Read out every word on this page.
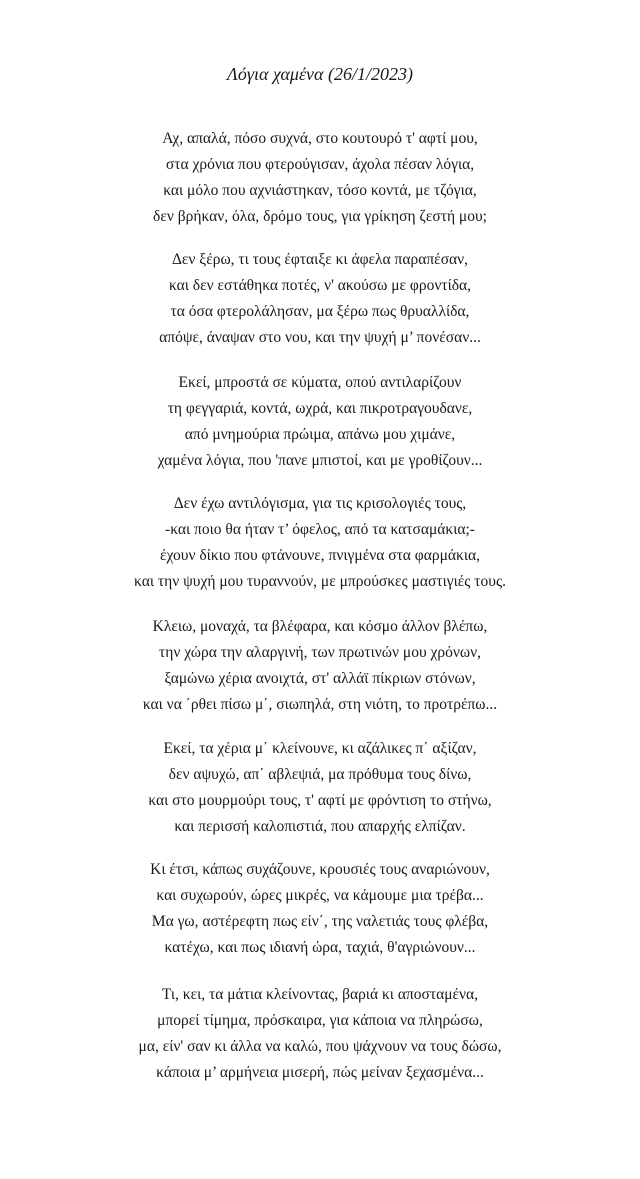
Λόγια χαμένα (26/1/2023)
Αχ, απαλά, πόσο συχνά, στο κουτουρό τ' αφτί μου,
στα χρόνια που φτερούγισαν, άχολα πέσαν λόγια,
και μόλο που αχνιάστηκαν, τόσο κοντά, με τζόγια,
δεν βρήκαν, όλα, δρόμο τους, για γρίκηση ζεστή μου;
Δεν ξέρω, τι τους έφταιξε κι άφελα παραπέσαν,
και δεν εστάθηκα ποτές, ν' ακούσω με φροντίδα,
τα όσα φτερολάλησαν, μα ξέρω πως θρυαλλίδα,
απόψε, άναψαν στο νου, και την ψυχή μ’ πονέσαν...
Εκεί, μπροστά σε κύματα, οπού αντιλαρίζουν
τη φεγγαριά, κοντά, ωχρά, και πικροτραγουδανε,
από μνημούρια πρώιμα, απάνω μου χιμάνε,
χαμένα λόγια, που 'πανε μπιστοί, και με γροθίζουν...
Δεν έχω αντιλόγισμα, για τις κρισολογιές τους,
-και ποιο θα ήταν τ’ όφελος, από τα κατσαμάκια;-
έχουν δίκιο που φτάνουνε, πνιγμένα στα φαρμάκια,
και την ψυχή μου τυραννούν, με μπρούσκες μαστιγιές τους.
Κλειω, μοναχά, τα βλέφαρα, και κόσμο άλλον βλέπω,
την χώρα την αλαργινή, των πρωτινών μου χρόνων,
ξαμώνω χέρια ανοιχτά, στ' αλλάϊ πίκριων στόνων,
και να ΄ρθει πίσω μ΄, σιωπηλά, στη νιότη, το προτρέπω...
Εκεί, τα χέρια μ΄ κλείνουνε, κι αζάλικες π΄ αξίζαν,
δεν αψυχώ, απ΄ αβλεψιά, μα πρόθυμα τους δίνω,
και στο μουρμούρι τους, τ' αφτί με φρόντιση το στήνω,
και περισσή καλοπιστιά, που απαρχής ελπίζαν.
Κι έτσι, κάπως συχάζουνε, κρουσιές τους αναριώνουν,
και συχωρούν, ώρες μικρές, να κάμουμε μια τρέβα...
Μα γω, αστέρεφτη πως είν΄, της ναλετιάς τους φλέβα,
κατέχω, και πως ιδιανή ώρα, ταχιά, θ'αγριώνουν...
Τι, κει, τα μάτια κλείνοντας, βαριά κι αποσταμένα,
μπορεί τίμημα, πρόσκαιρα, για κάποια να πληρώσω,
μα, είν' σαν κι άλλα να καλώ, που ψάχνουν να τους δώσω,
κάποια μ’ αρμήνεια μισερή, πώς μείναν ξεχασμένα...
